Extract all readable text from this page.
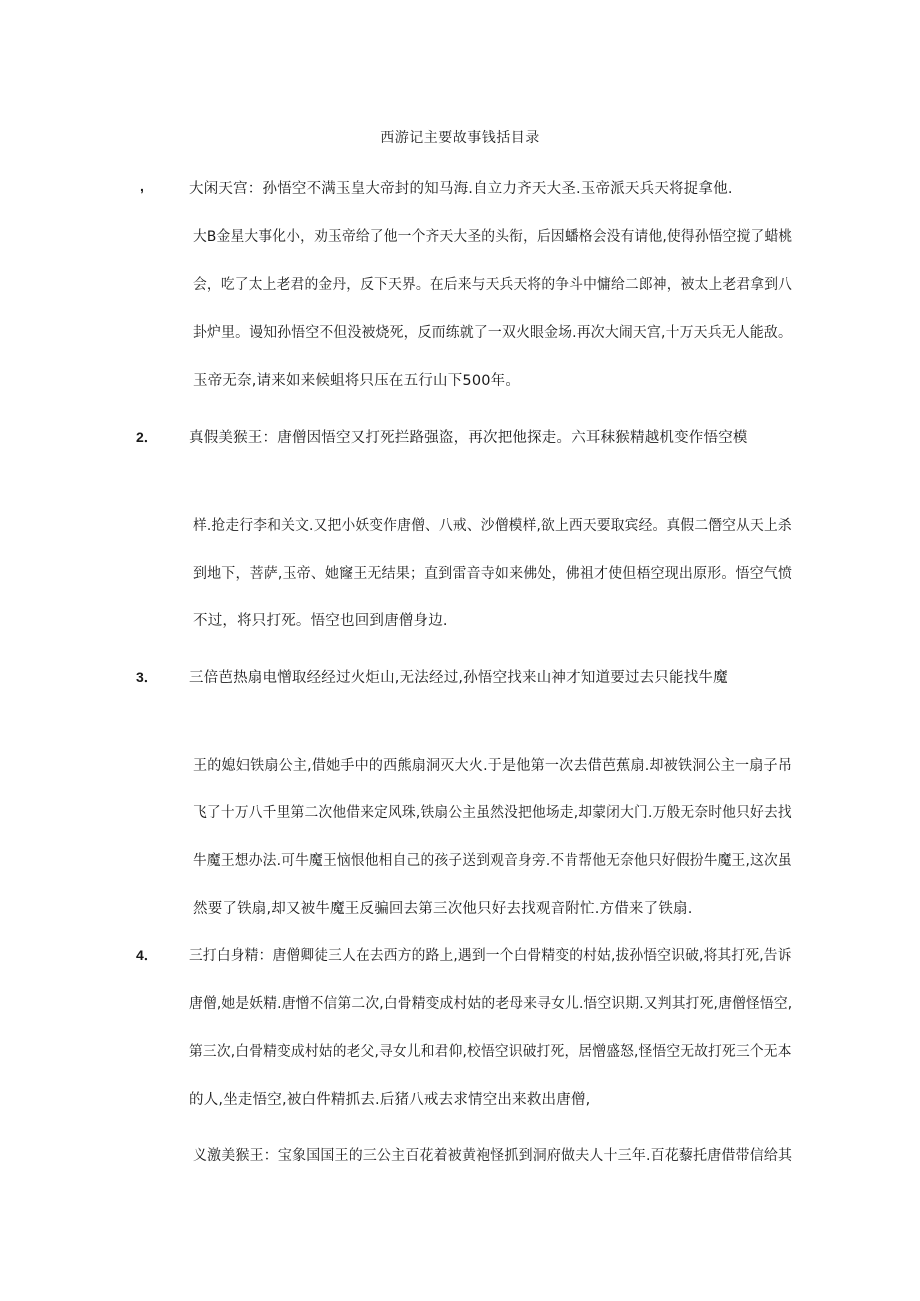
西游记主要故事钱括目录
,	大闲天宫：孙悟空不满玉皇大帝封的知马海.自立力齐天大圣.玉帝派天兵天将捉拿他.
大B金星大事化小，劝玉帝给了他一个齐天大圣的头衔，后因蟠格会没有请他,使得孙悟空搅了蜡桃
会，吃了太上老君的金丹，反下天界。在后来与天兵天将的争斗中慵给二郎神，被太上老君拿到八
卦炉里。谩知孙悟空不但没被烧死，反而练就了一双火眼金场.再次大闹天宫,十万天兵无人能敌。
玉帝无奈,请来如来候蛆将只压在五行山下500年。
2． 真假美猴王：唐僧因悟空又打死拦路强盗，再次把他探走。六耳秣猴精越机变作悟空模
样.抢走行李和关文.又把小妖变作唐僧、八戒、沙僧模样,欲上西天要取宾经。真假二僭空从天上杀
到地下，菩萨,玉帝、她窿王无结果；直到雷音寺如来佛处，佛祖才使但梧空现出原形。悟空气愤
不过，将只打死。悟空也回到唐僧身边.
3． 三倍芭热扇电憎取经经过火炬山,无法经过,孙悟空找来山神才知道要过去只能找牛魔
王的媳妇铁扇公主,借她手中的西熊扇洞灭大火.于是他第一次去借芭蕉扇.却被铁洞公主一扇子吊
飞了十万八千里第二次他借来定风珠,铁扇公主虽然没把他场走,却蒙闭大门.万般无奈时他只好去找
牛魔王想办法.可牛魔王恼恨他相自己的孩子送到观音身旁.不肯帮他无奈他只好假扮牛魔王,这次虽
然要了铁扇,却又被牛魔王反骗回去第三次他只好去找观音附忙.方借来了铁扇.
4． 三打白身精：唐僧卿徒三人在去西方的路上,遇到一个白骨精变的村姑,拔孙悟空识破,将其打死,告诉
唐僧,她是妖精.唐憎不信第二次,白骨精变成村姑的老母来寻女儿.悟空识期.又判其打死,唐僧怪悟空,
第三次,白骨精变成村姑的老父,寻女儿和君仰,校悟空识破打死，居憎盛怒,怪悟空无故打死三个无本
的人,坐走悟空,被白件精抓去.后猪八戒去求情空出来救出唐僧,
义激美猴王：宝象国国王的三公主百花着被黄袍怪抓到洞府做夫人十三年.百花藜托唐借带信给其
